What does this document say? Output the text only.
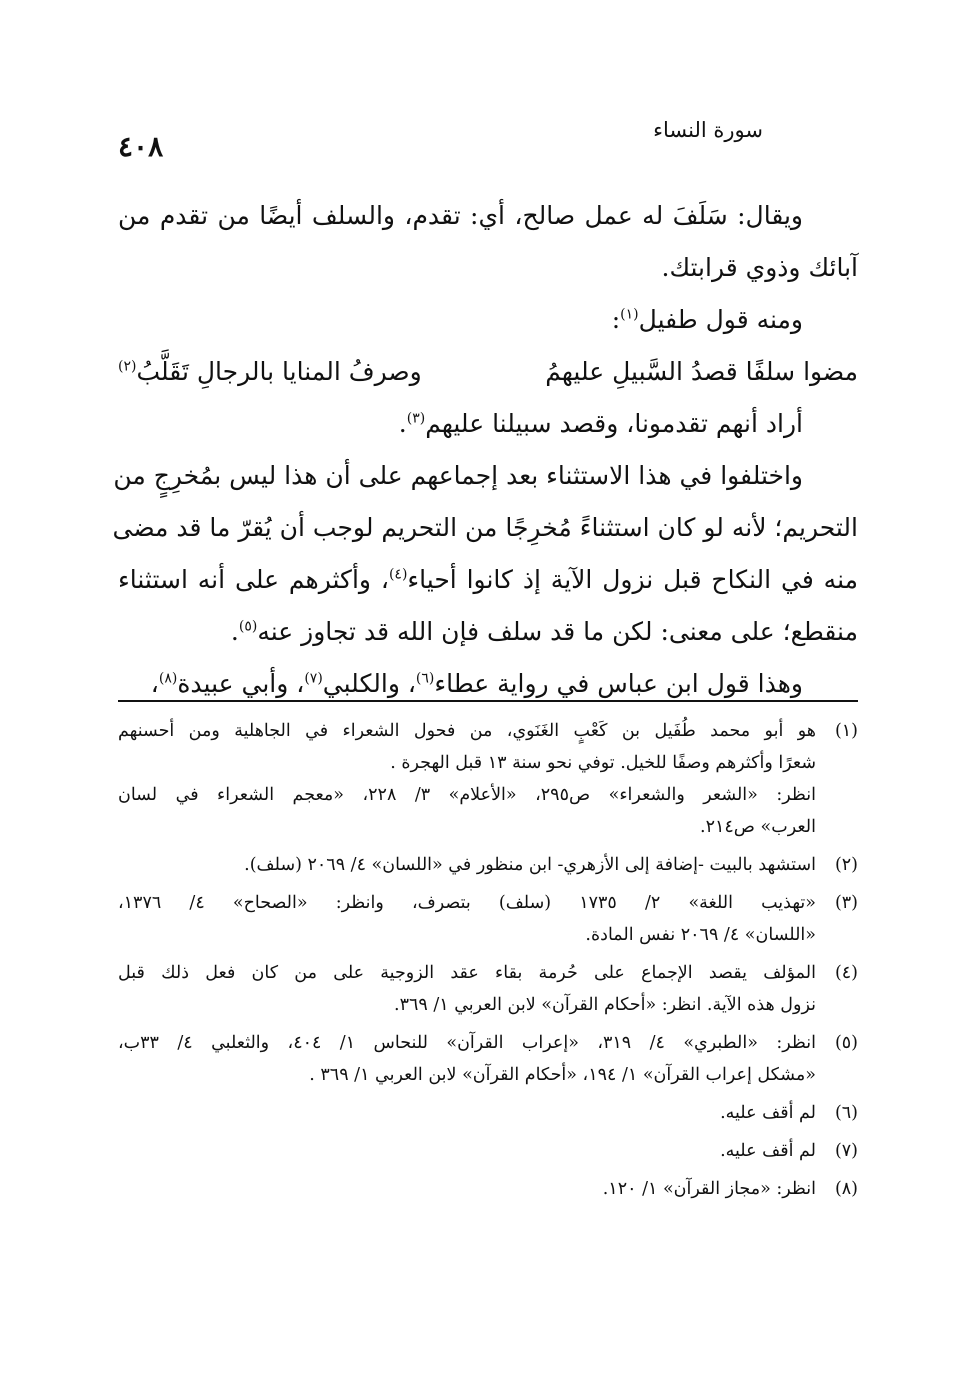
٤٠٨	سورة النساء
ويقال: سَلَفَ له عمل صالح، أي: تقدم، والسلف أيضًا من تقدم من
آبائك وذوي قرابتك.
ومنه قول طفيل$^{(١)}$:
مضوا سلفًا قصدُ السَّبيلِ عليهمُ
وصرفُ المنايا بالرجالِ تَقَلَّبُ$^{(٢)}$
أراد أنهم تقدمونا، وقصد سبيلنا عليهم$^{(٣)}$.
واختلفوا في هذا الاستثناء بعد إجماعهم على أن هذا ليس بمُخرِجٍ من
التحريم؛ لأنه لو كان استثناءً مُخرِجًا من التحريم لوجب أن يُقرّ ما قد مضى
منه في النكاح قبل نزول الآية إذ كانوا أحياء$^{(٤)}$، وأكثرهم على أنه استثناء
منقطع؛ على معنى: لكن ما قد سلف فإن الله قد تجاوز عنه$^{(٥)}$.
وهذا قول ابن عباس في رواية عطاء$^{(٦)}$، والكلبي$^{(٧)}$، وأبي عبيدة$^{(٨)}$،
(١)
هو أبو محمد طُفَيل بن كَعْبٍ الغَنَوي، من فحول الشعراء في الجاهلية ومن أحسنهم
شعرًا وأكثرهم وصفًا للخيل. توفي نحو سنة ١٣ قبل الهجرة .
انظر: «الشعر والشعراء» ص٢٩٥، «الأعلام» ٣/ ٢٢٨، «معجم الشعراء في لسان
العرب» ص٢١٤.
(٢)
استشهد بالبيت -إضافة إلى الأزهري- ابن منظور في «اللسان» ٤/ ٢٠٦٩ (سلف).
(٣)
«تهذيب اللغة» ٢/ ١٧٣٥ (سلف) بتصرف، وانظر: «الصحاح» ٤/ ١٣٧٦،
«اللسان» ٤/ ٢٠٦٩ نفس المادة.
(٤)
المؤلف يقصد الإجماع على حُرمة بقاء عقد الزوجية على من كان فعل ذلك قبل
نزول هذه الآية. انظر: «أحكام القرآن» لابن العربي ١/ ٣٦٩.
(٥)
انظر: «الطبري» ٤/ ٣١٩، «إعراب القرآن» للنحاس ١/ ٤٠٤، والثعلبي ٤/ ٣٣ب،
«مشكل إعراب القرآن» ١/ ١٩٤، «أحكام القرآن» لابن العربي ١/ ٣٦٩ .
(٦)
لم أقف عليه.
(٧)
لم أقف عليه.
(٨)
انظر: «مجاز القرآن» ١/ ١٢٠.
